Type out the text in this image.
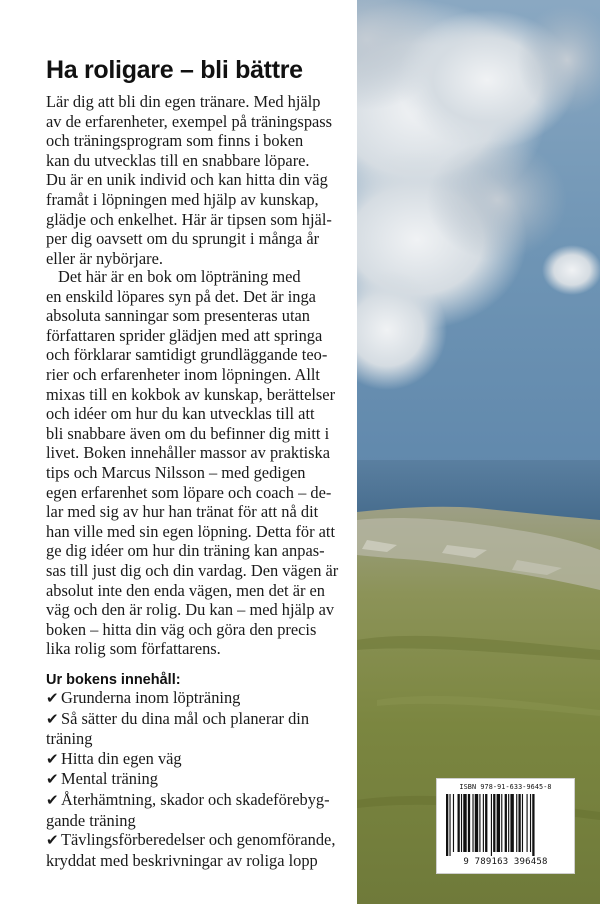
Ha roligare – bli bättre
Lär dig att bli din egen tränare. Med hjälp
av de erfarenheter, exempel på träningspass
och träningsprogram som finns i boken
kan du utvecklas till en snabbare löpare.
Du är en unik individ och kan hitta din väg
framåt i löpningen med hjälp av kunskap,
glädje och enkelhet. Här är tipsen som hjäl-
per dig oavsett om du sprungit i många år
eller är nybörjare.
Det här är en bok om löpträning med
en enskild löpares syn på det. Det är inga
absoluta sanningar som presenteras utan
författaren sprider glädjen med att springa
och förklarar samtidigt grundläggande teo-
rier och erfarenheter inom löpningen. Allt
mixas till en kokbok av kunskap, berättelser
och idéer om hur du kan utvecklas till att
bli snabbare även om du befinner dig mitt i
livet. Boken innehåller massor av praktiska
tips och Marcus Nilsson – med gedigen
egen erfarenhet som löpare och coach – de-
lar med sig av hur han tränat för att nå dit
han ville med sin egen löpning. Detta för att
ge dig idéer om hur din träning kan anpas-
sas till just dig och din vardag. Den vägen är
absolut inte den enda vägen, men det är en
väg och den är rolig. Du kan – med hjälp av
boken – hitta din väg och göra den precis
lika rolig som författarens.
Ur bokens innehåll:
✔ Grunderna inom löpträning
✔ Så sätter du dina mål och planerar din
träning
✔ Hitta din egen väg
✔ Mental träning
✔ Återhämtning, skador och skadeförebyg-
gande träning
✔ Tävlingsförberedelser och genomförande,
kryddat med beskrivningar av roliga lopp
ISBN 978-91-633-9645-8
9 789163 396458
